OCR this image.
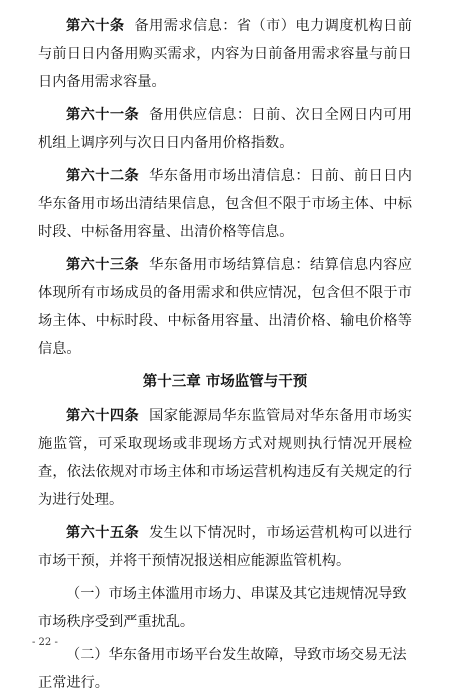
第六十条 备用需求信息：省（市）电力调度机构日前与前日日内备用购买需求，内容为日前备用需求容量与前日日内备用需求容量。

第六十一条 备用供应信息：日前、次日全网日内可用机组上调序列与次日日内备用价格指数。

第六十二条 华东备用市场出清信息：日前、前日日内华东备用市场出清结果信息，包含但不限于市场主体、中标时段、中标备用容量、出清价格等信息。

第六十三条 华东备用市场结算信息：结算信息内容应体现所有市场成员的备用需求和供应情况，包含但不限于市场主体、中标时段、中标备用容量、出清价格、输电价格等信息。

第十三章 市场监管与干预

第六十四条 国家能源局华东监管局对华东备用市场实施监管，可采取现场或非现场方式对规则执行情况开展检查，依法依规对市场主体和市场运营机构违反有关规定的行为进行处理。

第六十五条 发生以下情况时，市场运营机构可以进行市场干预，并将干预情况报送相应能源监管机构。

（一）市场主体滥用市场力、串谋及其它违规情况导致市场秩序受到严重扰乱。

（二）华东备用市场平台发生故障，导致市场交易无法正常进行。

- 22 -
